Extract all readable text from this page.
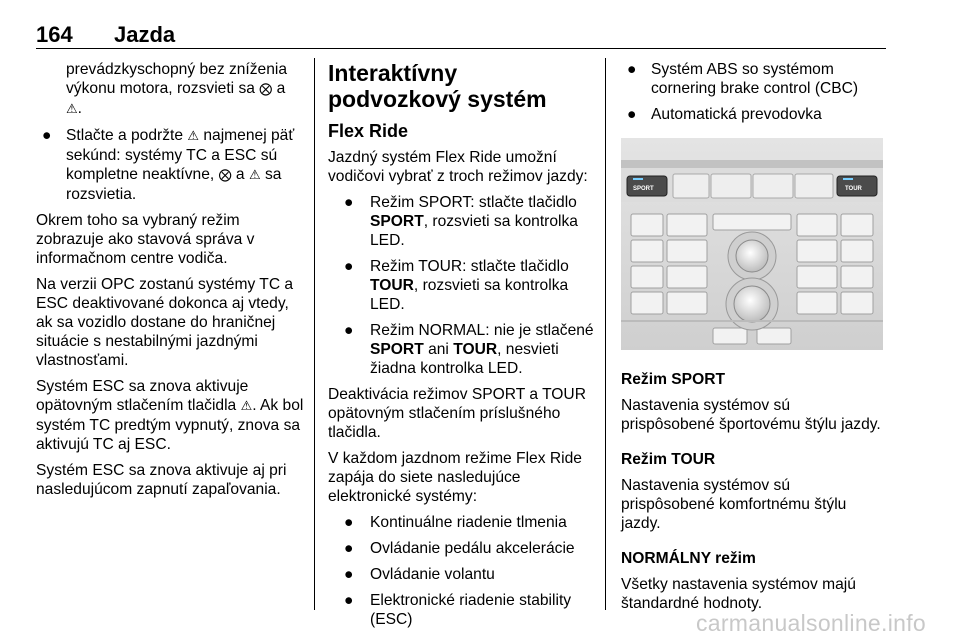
164 Jazda

prevádzkyschopný bez zníženia výkonu motora, rozsvieti sa ⨂ a ⚠.

● Stlačte a podržte ⚠ najmenej päť sekúnd: systémy TC a ESC sú kompletne neaktívne, ⨂ a ⚠ sa rozsvietia.

Okrem toho sa vybraný režim zobrazuje ako stavová správa v informačnom centre vodiča.

Na verzii OPC zostanú systémy TC a ESC deaktivované dokonca aj vtedy, ak sa vozidlo dostane do hraničnej situácie s nestabilnými jazdnými vlastnosťami.

Systém ESC sa znova aktivuje opätovným stlačením tlačidla ⚠. Ak bol systém TC predtým vypnutý, znova sa aktivujú TC aj ESC.

Systém ESC sa znova aktivuje aj pri nasledujúcom zapnutí zapaľovania.

Interaktívny podvozkový systém
Flex Ride

Jazdný systém Flex Ride umožní vodičovi vybrať z troch režimov jazdy:

● Režim SPORT: stlačte tlačidlo SPORT, rozsvieti sa kontrolka LED.
● Režim TOUR: stlačte tlačidlo TOUR, rozsvieti sa kontrolka LED.
● Režim NORMAL: nie je stlačené SPORT ani TOUR, nesvieti žiadna kontrolka LED.

Deaktivácia režimov SPORT a TOUR opätovným stlačením príslušného tlačidla.

V každom jazdnom režime Flex Ride zapája do siete nasledujúce elektronické systémy:

● Kontinuálne riadenie tlmenia
● Ovládanie pedálu akcelerácie
● Ovládanie volantu
● Elektronické riadenie stability (ESC)
● Systém ABS so systémom cornering brake control (CBC)
● Automatická prevodovka
SPORT	TOUR

Režim SPORT

Nastavenia systémov sú prispôsobené športovému štýlu jazdy.

Režim TOUR

Nastavenia systémov sú prispôsobené komfortnému štýlu jazdy.

NORMÁLNY režim

Všetky nastavenia systémov majú štandardné hodnoty.

carmanualsonline.info
